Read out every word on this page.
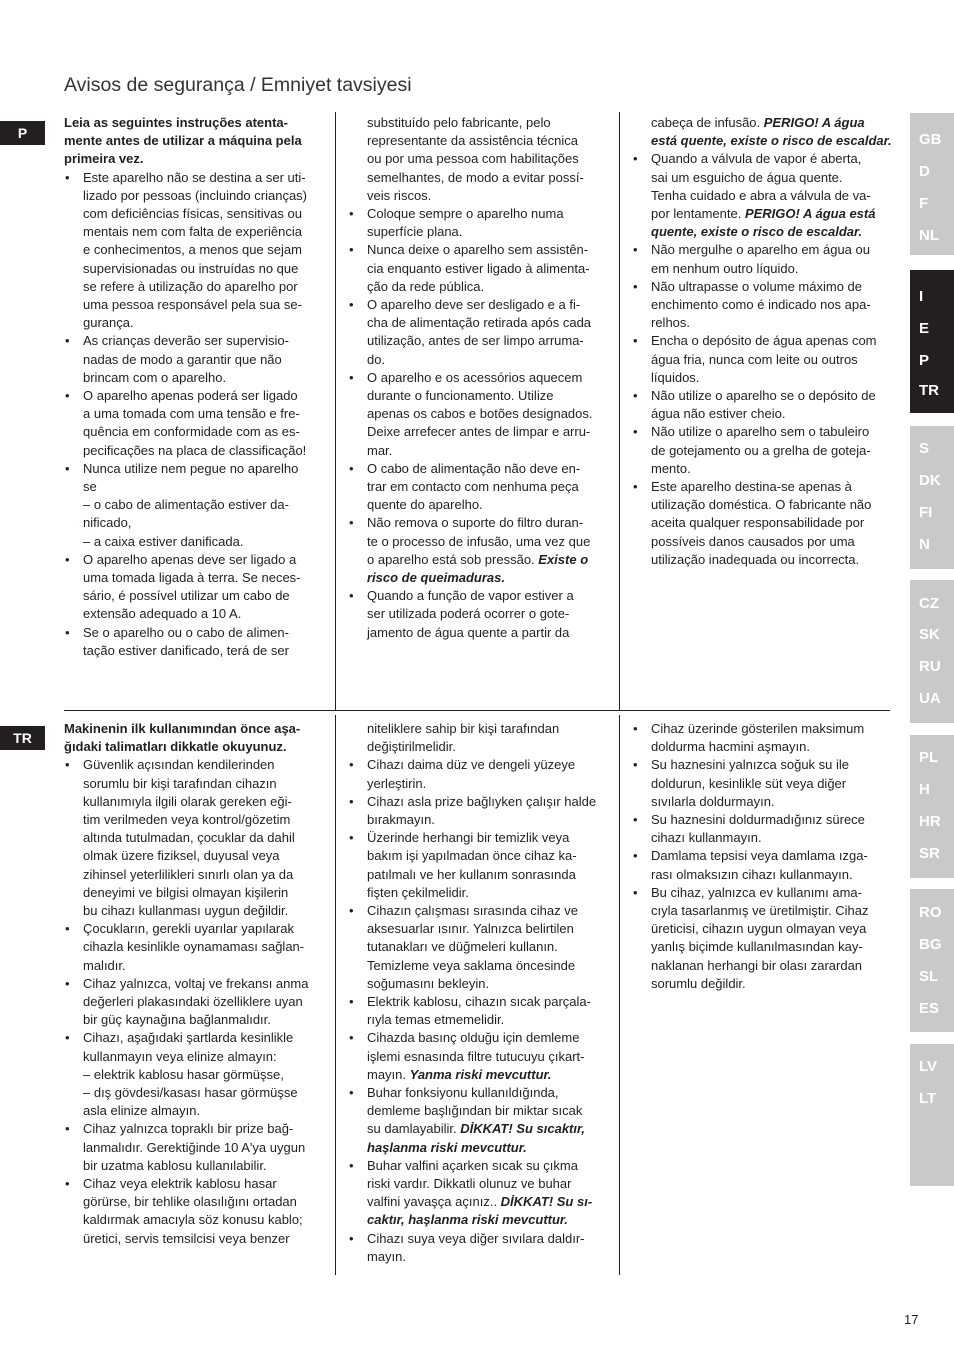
Avisos de segurança / Emniyet tavsiyesi
P

Leia as seguintes instruções atenta-
mente antes de utilizar a máquina pela
primeira vez.

• Este aparelho não se destina a ser uti-
lizado por pessoas (incluindo crianças)
com deficiências físicas, sensitivas ou
mentais nem com falta de experiência
e conhecimentos, a menos que sejam
supervisionadas ou instruídas no que
se refere à utilização do aparelho por
uma pessoa responsável pela sua se-
gurança.
• As crianças deverão ser supervisio-
nadas de modo a garantir que não
brincam com o aparelho.
• O aparelho apenas poderá ser ligado
a uma tomada com uma tensão e fre-
quência em conformidade com as es-
pecificações na placa de classificação!
• Nunca utilize nem pegue no aparelho
se
– o cabo de alimentação estiver da-
nificado,
– a caixa estiver danificada.
• O aparelho apenas deve ser ligado a
uma tomada ligada à terra. Se neces-
sário, é possível utilizar um cabo de
extensão adequado a 10 A.
• Se o aparelho ou o cabo de alimen-
tação estiver danificado, terá de ser
substituído pelo fabricante, pelo
representante da assistência técnica
ou por uma pessoa com habilitações
semelhantes, de modo a evitar possí-
veis riscos.
• Coloque sempre o aparelho numa
superfície plana.
• Nunca deixe o aparelho sem assistên-
cia enquanto estiver ligado à alimenta-
ção da rede pública.
• O aparelho deve ser desligado e a fi-
cha de alimentação retirada após cada
utilização, antes de ser limpo arruma-
do.
• O aparelho e os acessórios aquecem
durante o funcionamento. Utilize
apenas os cabos e botões designados.
Deixe arrefecer antes de limpar e arru-
mar.
• O cabo de alimentação não deve en-
trar em contacto com nenhuma peça
quente do aparelho.
• Não remova o suporte do filtro duran-
te o processo de infusão, uma vez que
o aparelho está sob pressão. Existe o
risco de queimaduras.
• Quando a função de vapor estiver a
ser utilizada poderá ocorrer o gote-
jamento de água quente a partir da
cabeça de infusão. PERIGO! A água
está quente, existe o risco de escaldar.
• Quando a válvula de vapor é aberta,
sai um esguicho de água quente.
Tenha cuidado e abra a válvula de va-
por lentamente. PERIGO! A água está
quente, existe o risco de escaldar.
• Não mergulhe o aparelho em água ou
em nenhum outro líquido.
• Não ultrapasse o volume máximo de
enchimento como é indicado nos apa-
relhos.
• Encha o depósito de água apenas com
água fria, nunca com leite ou outros
líquidos.
• Não utilize o aparelho se o depósito de
água não estiver cheio.
• Não utilize o aparelho sem o tabuleiro
de gotejamento ou a grelha de goteja-
mento.
• Este aparelho destina-se apenas à
utilização doméstica. O fabricante não
aceita qualquer responsabilidade por
possíveis danos causados por uma
utilização inadequada ou incorrecta.
TR

Makinenin ilk kullanımından önce aşa-
ğıdaki talimatları dikkatle okuyunuz.

• Güvenlik açısından kendilerinden
sorumlu bir kişi tarafından cihazın
kullanımıyla ilgili olarak gereken eği-
tim verilmeden veya kontrol/gözetim
altında tutulmadan, çocuklar da dahil
olmak üzere fiziksel, duyusal veya
zihinsel yeterlilikleri sınırlı olan ya da
deneyimi ve bilgisi olmayan kişilerin
bu cihazı kullanması uygun değildir.
• Çocukların, gerekli uyarılar yapılarak
cihazla kesinlikle oynamaması sağlan-
malıdır.
• Cihaz yalnızca, voltaj ve frekansı anma
değerleri plakasındaki özelliklere uyan
bir güç kaynağına bağlanmalıdır.
• Cihazı, aşağıdaki şartlarda kesinlikle
kullanmayın veya elinize almayın:
– elektrik kablosu hasar görmüşse,
– dış gövdesi/kasası hasar görmüşse
asla elinize almayın.
• Cihaz yalnızca topraklı bir prize bağ-
lanmalıdır. Gerektiğinde 10 A'ya uygun
bir uzatma kablosu kullanılabilir.
• Cihaz veya elektrik kablosu hasar
görürse, bir tehlike olasılığını ortadan
kaldırmak amacıyla söz konusu kablo;
üretici, servis temsilcisi veya benzer
niteliklere sahip bir kişi tarafından
değiştirilmelidir.
• Cihazı daima düz ve dengeli yüzeye
yerleştirin.
• Cihazı asla prize bağlıyken çalışır halde
bırakmayın.
• Üzerinde herhangi bir temizlik veya
bakım işi yapılmadan önce cihaz ka-
patılmalı ve her kullanım sonrasında
fişten çekilmelidir.
• Cihazın çalışması sırasında cihaz ve
aksesuarlar ısınır. Yalnızca belirtilen
tutanakları ve düğmeleri kullanın.
Temizleme veya saklama öncesinde
soğumasını bekleyin.
• Elektrik kablosu, cihazın sıcak parçala-
rıyla temas etmemelidir.
• Cihazda basınç olduğu için demleme
işlemi esnasında filtre tutucuyu çıkart-
mayın. Yanma riski mevcuttur.
• Buhar fonksiyonu kullanıldığında,
demleme başlığından bir miktar sıcak
su damlayabilir. DİKKAT! Su sıcaktır,
haşlanma riski mevcuttur.
• Buhar valfini açarken sıcak su çıkma
riski vardır. Dikkatli olunuz ve buhar
valfini yavaşça açınız.. DİKKAT! Su sı-
caktır, haşlanma riski mevcuttur.
• Cihazı suya veya diğer sıvılara daldır-
mayın.
• Cihaz üzerinde gösterilen maksimum
doldurma hacmini aşmayın.
• Su haznesini yalnızca soğuk su ile
doldurun, kesinlikle süt veya diğer
sıvılarla doldurmayın.
• Su haznesini doldurmadığınız sürece
cihazı kullanmayın.
• Damlama tepsisi veya damlama ızga-
rası olmaksızın cihazı kullanmayın.
• Bu cihaz, yalnızca ev kullanımı ama-
cıyla tasarlanmış ve üretilmiştir. Cihaz
üreticisi, cihazın uygun olmayan veya
yanlış biçimde kullanılmasından kay-
naklanan herhangi bir olası zarardan
sorumlu değildir.
GB
D
F
NL
I
E
P
TR
S
DK
FI
N
CZ
SK
RU
UA
PL
H
HR
SR
RO
BG
SL
ES
LV
LT
17
